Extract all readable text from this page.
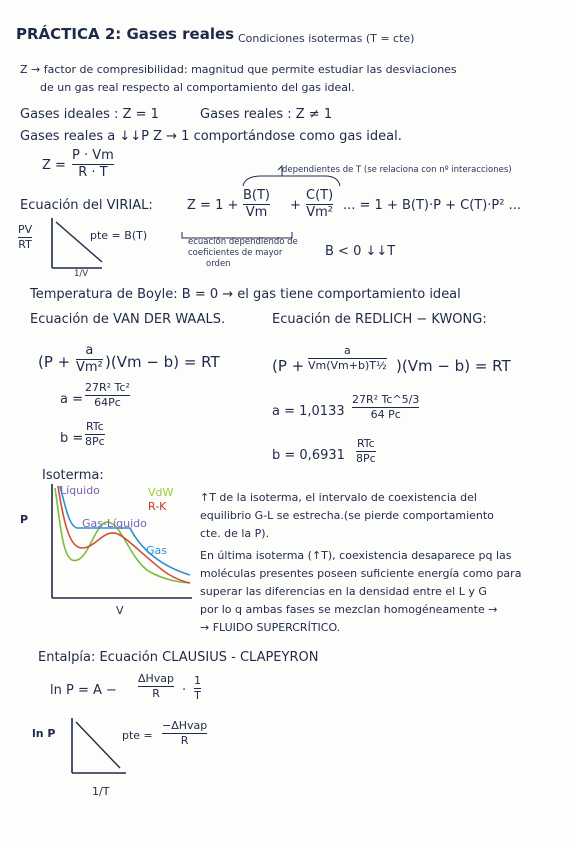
PRÁCTICA 2: Gases reales Condiciones isotermas (T = cte)
Z → factor de compresibilidad: magnitud que permite estudiar las desviaciones
de un gas real respecto al comportamiento del gas ideal.
Gases ideales : Z = 1	Gases reales : Z ≠ 1
Gases reales a ↓↓P Z → 1 comportándose como gas ideal.
Z =
P · Vm
R · T	dependientes de T (se relaciona con nº interacciones)
Ecuación del VIRIAL:	Z = 1 +
B(T)
Vm +
C(T)
Vm² ... = 1 + B(T)·P + C(T)·P² ...
PV
RT
pte = B(T)
1/V
ecuación dependiendo de
coeficientes de mayor
orden
B < 0 ↓↓T
Temperatura de Boyle: B = 0 → el gas tiene comportamiento ideal
Ecuación de VAN DER WAALS.
(P +
a
Vm² )(Vm − b) = RT
a =
27R² Tc²
64Pc
b =
RTc
8Pc
Ecuación de REDLICH − KWONG:
(P +
a
Vm(Vm+b)T½ )(Vm − b) = RT
a = 1,0133
27R² Tc^5/3
64 Pc
b = 0,6931
RTc
8Pc
Isoterma:
P
V
Líquido	VdW
R-K
Gas-Líquido
Gas
↑T de la isoterma, el intervalo de coexistencia del
equilibrio G-L se estrecha.(se pierde comportamiento
cte. de la P).
En última isoterma (↑T), coexistencia desaparece pq las
moléculas presentes poseen suficiente energía como para
superar las diferencias en la densidad entre el L y G
por lo q ambas fases se mezclan homogéneamente →
→ FLUIDO SUPERCRÍTICO.
Entalpía: Ecuación CLAUSIUS - CLAPEYRON
ln P = A −
ΔHvap
R ·
1
T
ln P
1/T
pte =
−ΔHvap
R
